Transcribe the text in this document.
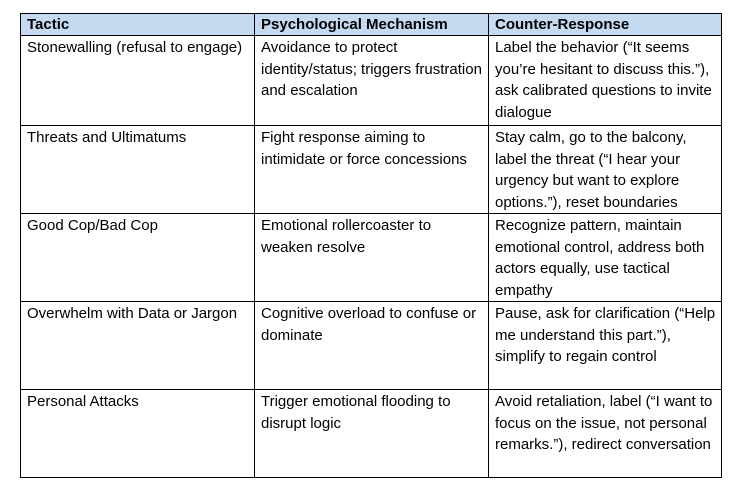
Tactic	Psychological Mechanism	Counter-Response
Stonewalling (refusal to engage)	Avoidance to protect identity/status; triggers frustration and escalation	Label the behavior (“It seems you’re hesitant to discuss this.”), ask calibrated questions to invite dialogue
Threats and Ultimatums	Fight response aiming to intimidate or force concessions	Stay calm, go to the balcony, label the threat (“I hear your urgency but want to explore options.”), reset boundaries
Good Cop/Bad Cop	Emotional rollercoaster to weaken resolve	Recognize pattern, maintain emotional control, address both actors equally, use tactical empathy
Overwhelm with Data or Jargon	Cognitive overload to confuse or dominate	Pause, ask for clarification (“Help me understand this part.”), simplify to regain control
Personal Attacks	Trigger emotional flooding to disrupt logic	Avoid retaliation, label (“I want to focus on the issue, not personal remarks.”), redirect conversation
